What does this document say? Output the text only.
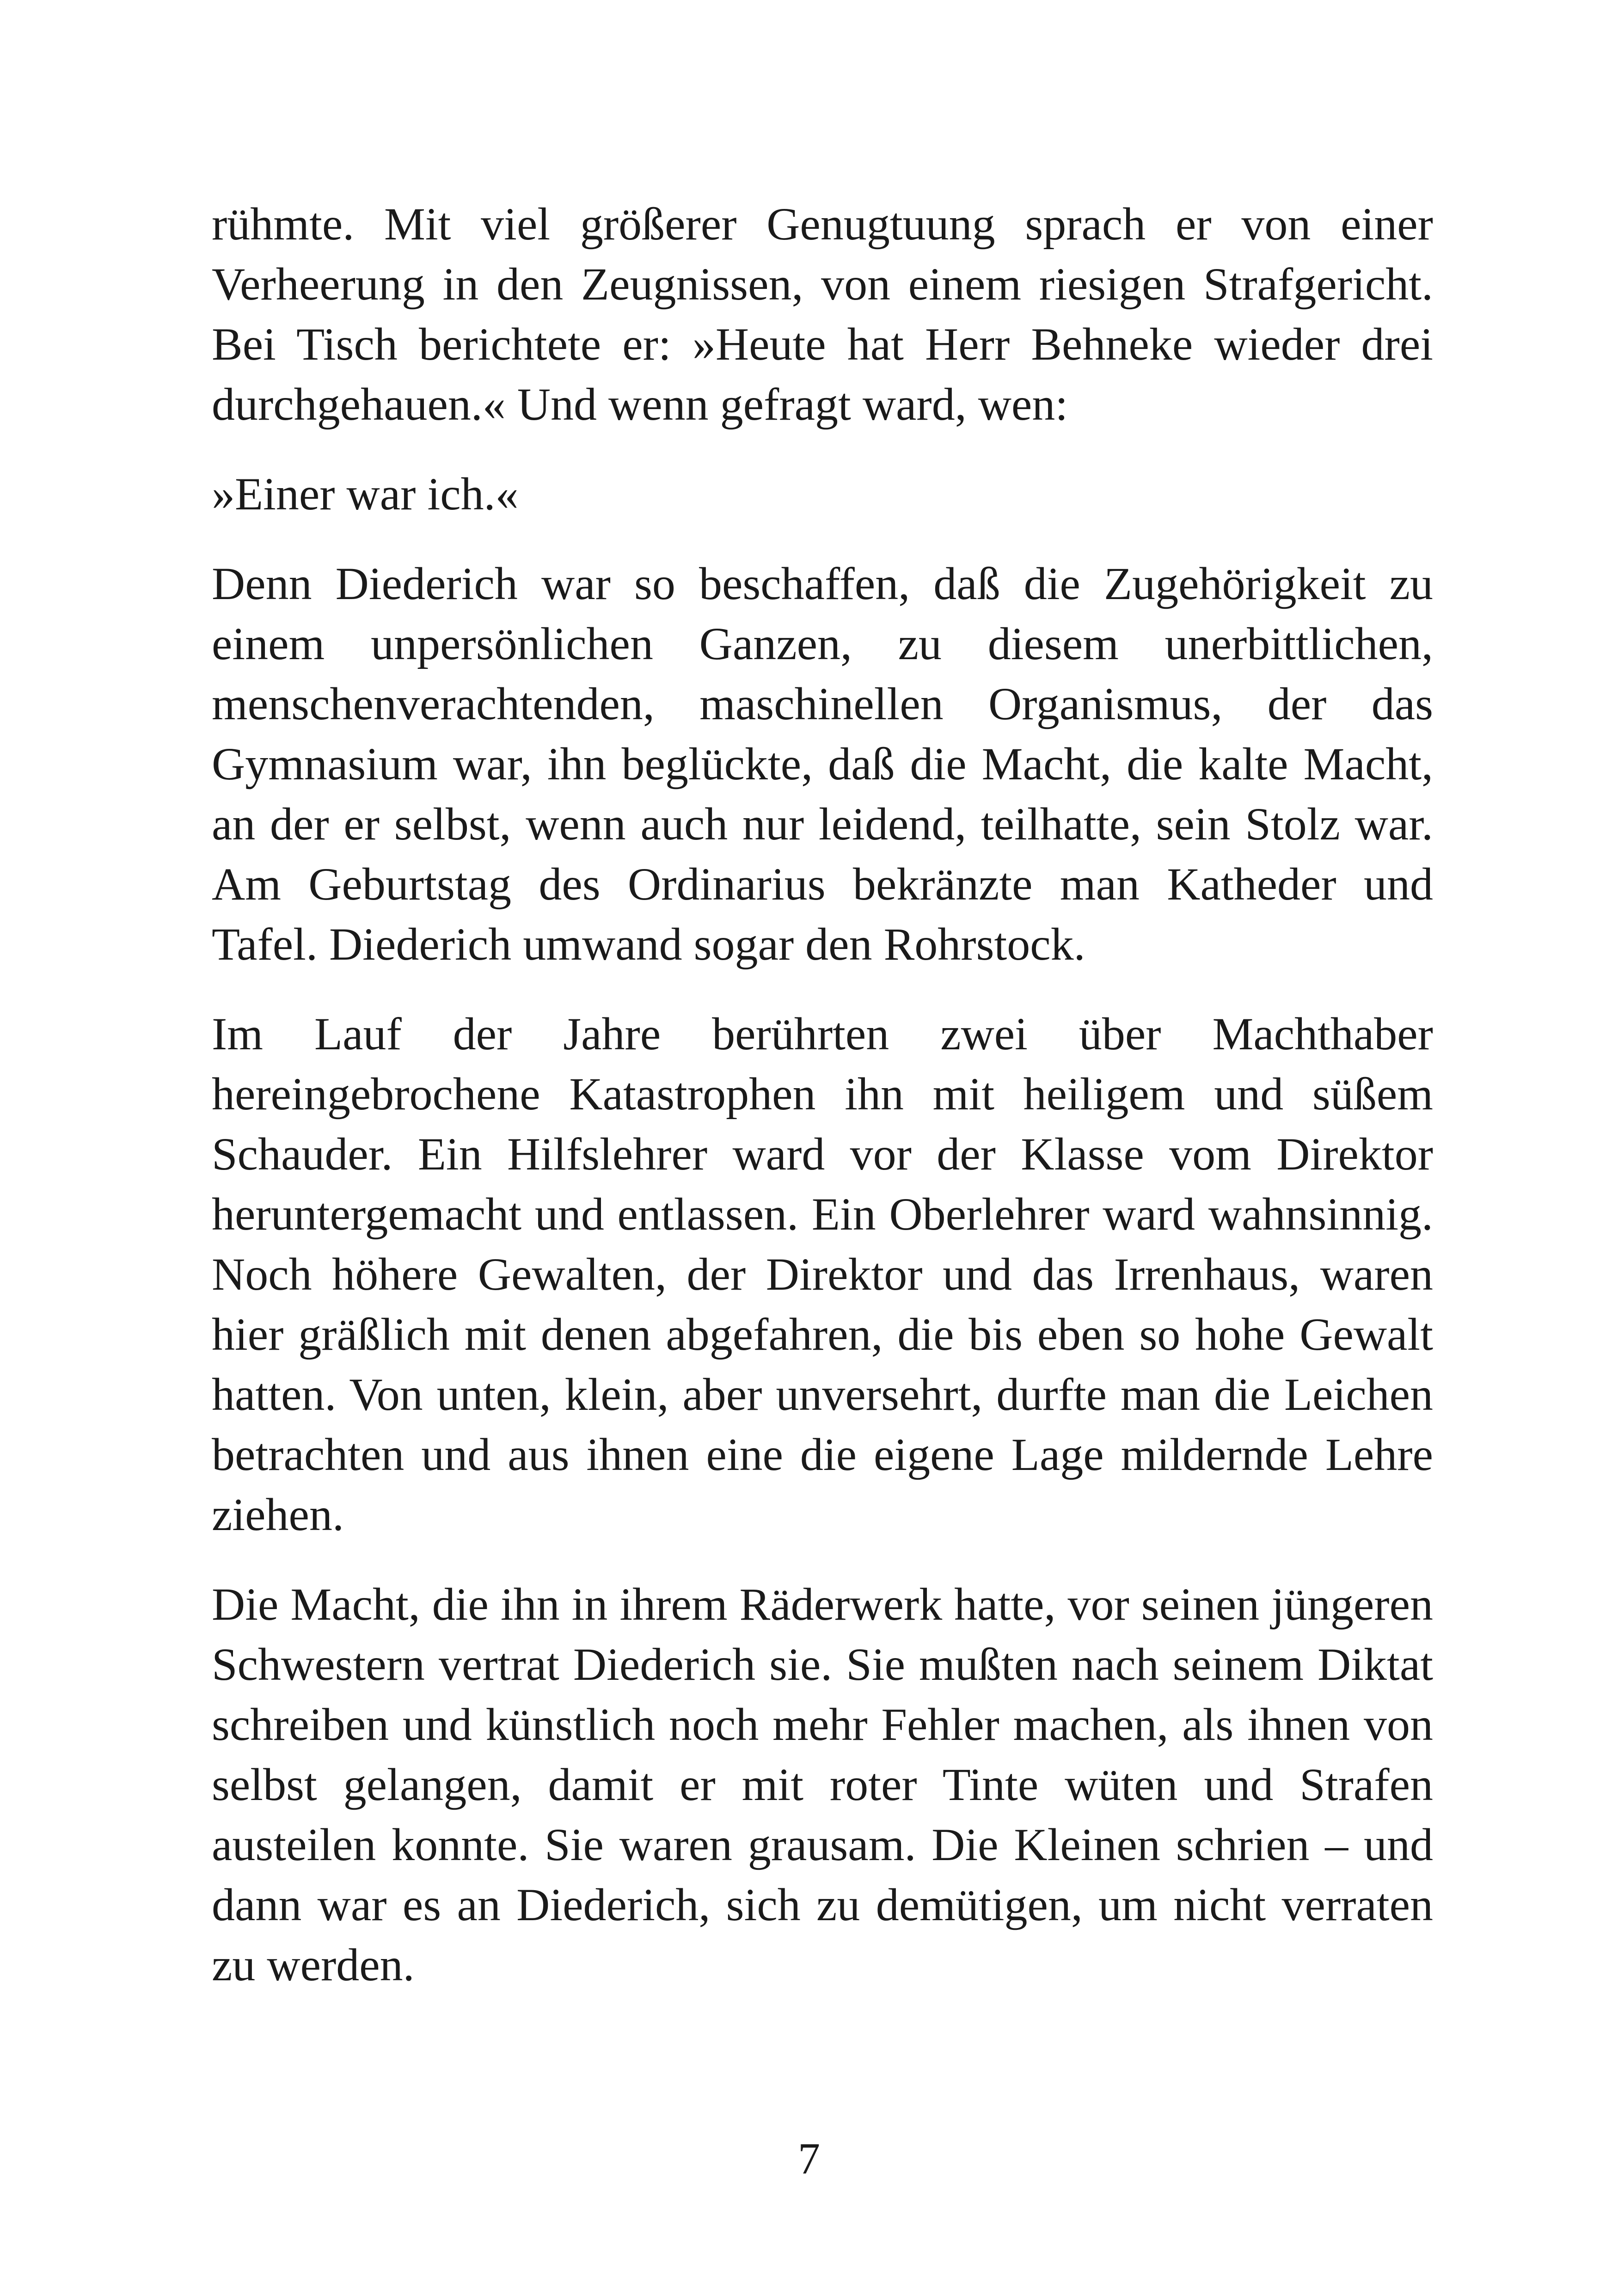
rühmte. Mit viel größerer Genugtuung sprach er von einer Verheerung in den Zeugnissen, von einem riesigen Strafgericht. Bei Tisch berichtete er: »Heute hat Herr Behneke wieder drei durchgehauen.« Und wenn gefragt ward, wen:

»Einer war ich.«

Denn Diederich war so beschaffen, daß die Zugehörigkeit zu einem unpersönlichen Ganzen, zu diesem unerbittlichen, menschenverachtenden, maschinellen Organismus, der das Gymnasium war, ihn beglückte, daß die Macht, die kalte Macht, an der er selbst, wenn auch nur leidend, teilhatte, sein Stolz war. Am Geburtstag des Ordinarius bekränzte man Katheder und Tafel. Diederich umwand sogar den Rohrstock.

Im Lauf der Jahre berührten zwei über Machthaber hereingebrochene Katastrophen ihn mit heiligem und süßem Schauder. Ein Hilfslehrer ward vor der Klasse vom Direktor heruntergemacht und entlassen. Ein Oberlehrer ward wahnsinnig. Noch höhere Gewalten, der Direktor und das Irrenhaus, waren hier gräßlich mit denen abgefahren, die bis eben so hohe Gewalt hatten. Von unten, klein, aber unversehrt, durfte man die Leichen betrachten und aus ihnen eine die eigene Lage mildernde Lehre ziehen.

Die Macht, die ihn in ihrem Räderwerk hatte, vor seinen jüngeren Schwestern vertrat Diederich sie. Sie mußten nach seinem Diktat schreiben und künstlich noch mehr Fehler machen, als ihnen von selbst gelangen, damit er mit roter Tinte wüten und Strafen austeilen konnte. Sie waren grausam. Die Kleinen schrien – und dann war es an Diederich, sich zu demütigen, um nicht verraten zu werden.

7
